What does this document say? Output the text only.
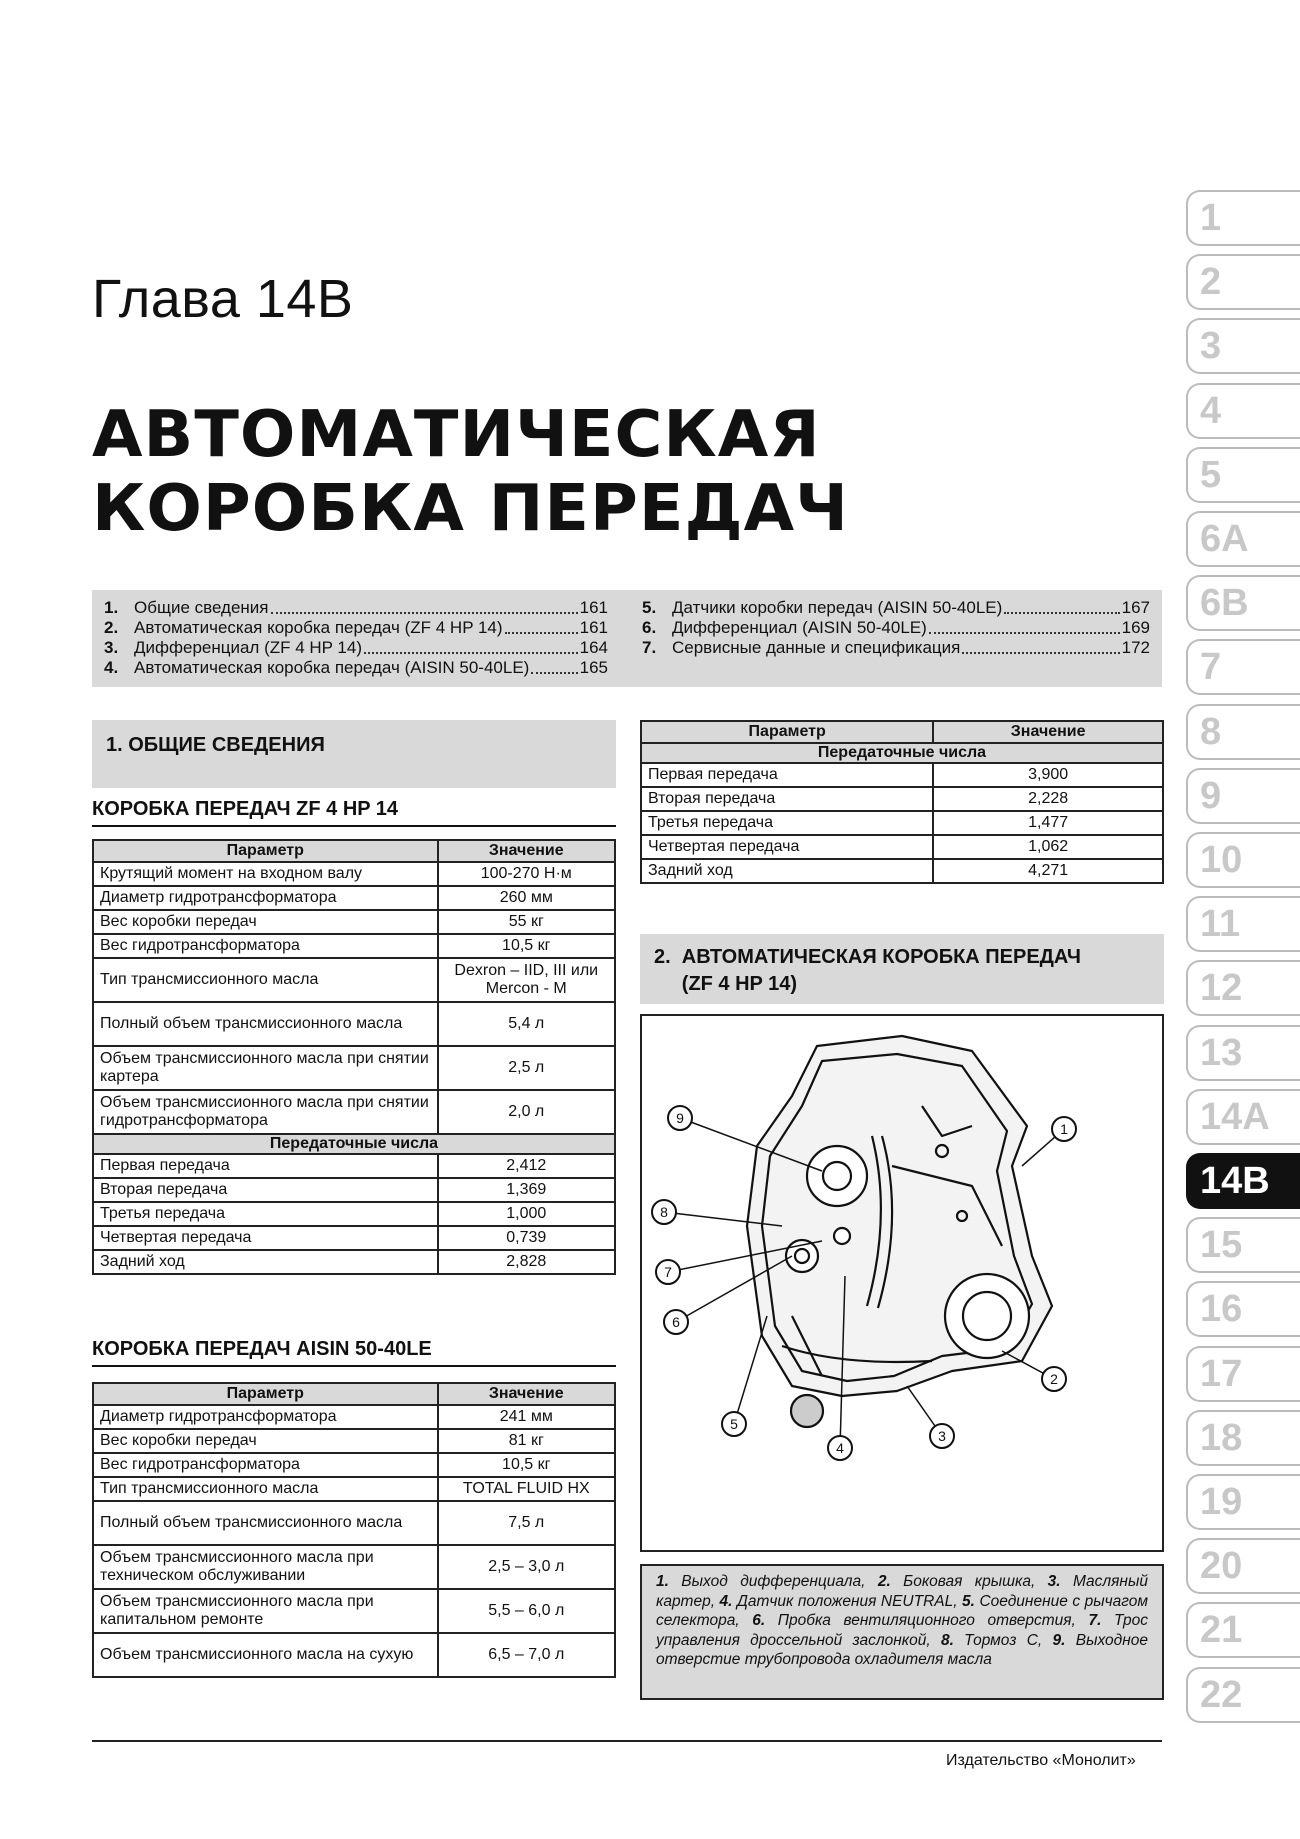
Глава 14В
АВТОМАТИЧЕСКАЯ
КОРОБКА ПЕРЕДАЧ
1. Общие сведения	161
2. Автоматическая коробка передач (ZF 4 HP 14)	161
3. Дифференциал (ZF 4 HP 14)	164
4. Автоматическая коробка передач (AISIN 50-40LE)	165
5. Датчики коробки передач (AISIN 50-40LE)	167
6. Дифференциал (AISIN 50-40LE)	169
7. Сервисные данные и спецификация	172
1. ОБЩИЕ СВЕДЕНИЯ
КОРОБКА ПЕРЕДАЧ ZF 4 HP 14
Параметр	Значение
Крутящий момент на входном валу	100-270 Н·м
Диаметр гидротрансформатора	260 мм
Вес коробки передач	55 кг
Вес гидротрансформатора	10,5 кг
Тип трансмиссионного масла	Dexron – IID, III или Mercon - M
Полный объем трансмиссионного масла	5,4 л
Объем трансмиссионного масла при снятии картера	2,5 л
Объем трансмиссионного масла при снятии гидротрансформатора	2,0 л
Передаточные числа	
Первая передача	2,412
Вторая передача	1,369
Третья передача	1,000
Четвертая передача	0,739
Задний ход	2,828
КОРОБКА ПЕРЕДАЧ AISIN 50-40LE
Параметр	Значение
Диаметр гидротрансформатора	241 мм
Вес коробки передач	81 кг
Вес гидротрансформатора	10,5 кг
Тип трансмиссионного масла	TOTAL FLUID HX
Полный объем трансмиссионного масла	7,5 л
Объем трансмиссионного масла при техническом обслуживании	2,5 – 3,0 л
Объем трансмиссионного масла при капитальном ремонте	5,5 – 6,0 л
Объем трансмиссионного масла на сухую	6,5 – 7,0 л
Параметр	Значение
Передаточные числа	
Первая передача	3,900
Вторая передача	2,228
Третья передача	1,477
Четвертая передача	1,062
Задний ход	4,271
2.  АВТОМАТИЧЕСКАЯ КОРОБКА ПЕРЕДАЧ
(ZF 4 HP 14)
1
2
3
4
5
6
7
8
9
1. Выход дифференциала, 2. Боковая крышка, 3. Масляный картер, 4. Датчик положения NEUTRAL, 5. Соединение с рычагом селектора, 6. Пробка вентиляционного отверстия, 7. Трос управления дроссельной заслонкой, 8. Тормоз С, 9. Выходное отверстие трубопровода охладителя масла
Издательство «Монолит»
1
2
3
4
5
6A
6B
7
8
9
10
11
12
13
14A
14B
15
16
17
18
19
20
21
22
